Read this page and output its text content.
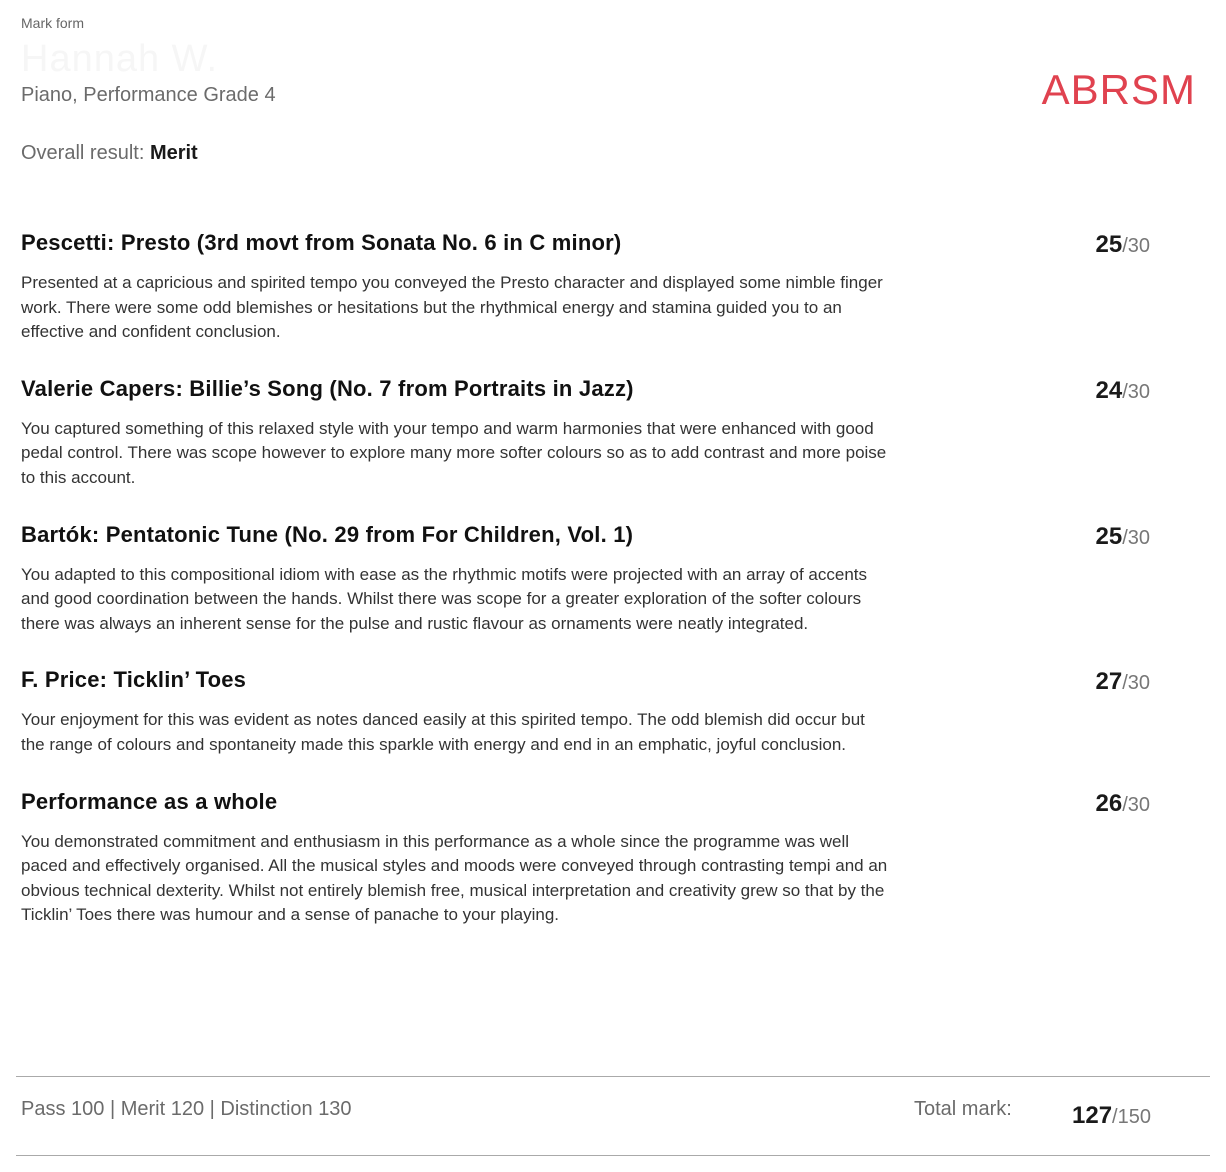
Mark form
Hannah W.
Piano, Performance Grade 4	ABRSM
Overall result: Merit
Pescetti: Presto (3rd movt from Sonata No. 6 in C minor)	25/30

Presented at a capricious and spirited tempo you conveyed the Presto character and displayed some nimble finger work. There were some odd blemishes or hesitations but the rhythmical energy and stamina guided you to an effective and confident conclusion.

Valerie Capers: Billie’s Song (No. 7 from Portraits in Jazz)	24/30

You captured something of this relaxed style with your tempo and warm harmonies that were enhanced with good pedal control. There was scope however to explore many more softer colours so as to add contrast and more poise to this account.

Bartók: Pentatonic Tune (No. 29 from For Children, Vol. 1)	25/30

You adapted to this compositional idiom with ease as the rhythmic motifs were projected with an array of accents and good coordination between the hands. Whilst there was scope for a greater exploration of the softer colours there was always an inherent sense for the pulse and rustic flavour as ornaments were neatly integrated.

F. Price: Ticklin’ Toes	27/30

Your enjoyment for this was evident as notes danced easily at this spirited tempo. The odd blemish did occur but the range of colours and spontaneity made this sparkle with energy and end in an emphatic, joyful conclusion.

Performance as a whole	26/30

You demonstrated commitment and enthusiasm in this performance as a whole since the programme was well paced and effectively organised. All the musical styles and moods were conveyed through contrasting tempi and an obvious technical dexterity. Whilst not entirely blemish free, musical interpretation and creativity grew so that by the Ticklin’ Toes there was humour and a sense of panache to your playing.

Pass 100 | Merit 120 | Distinction 130	Total mark:	127/150
